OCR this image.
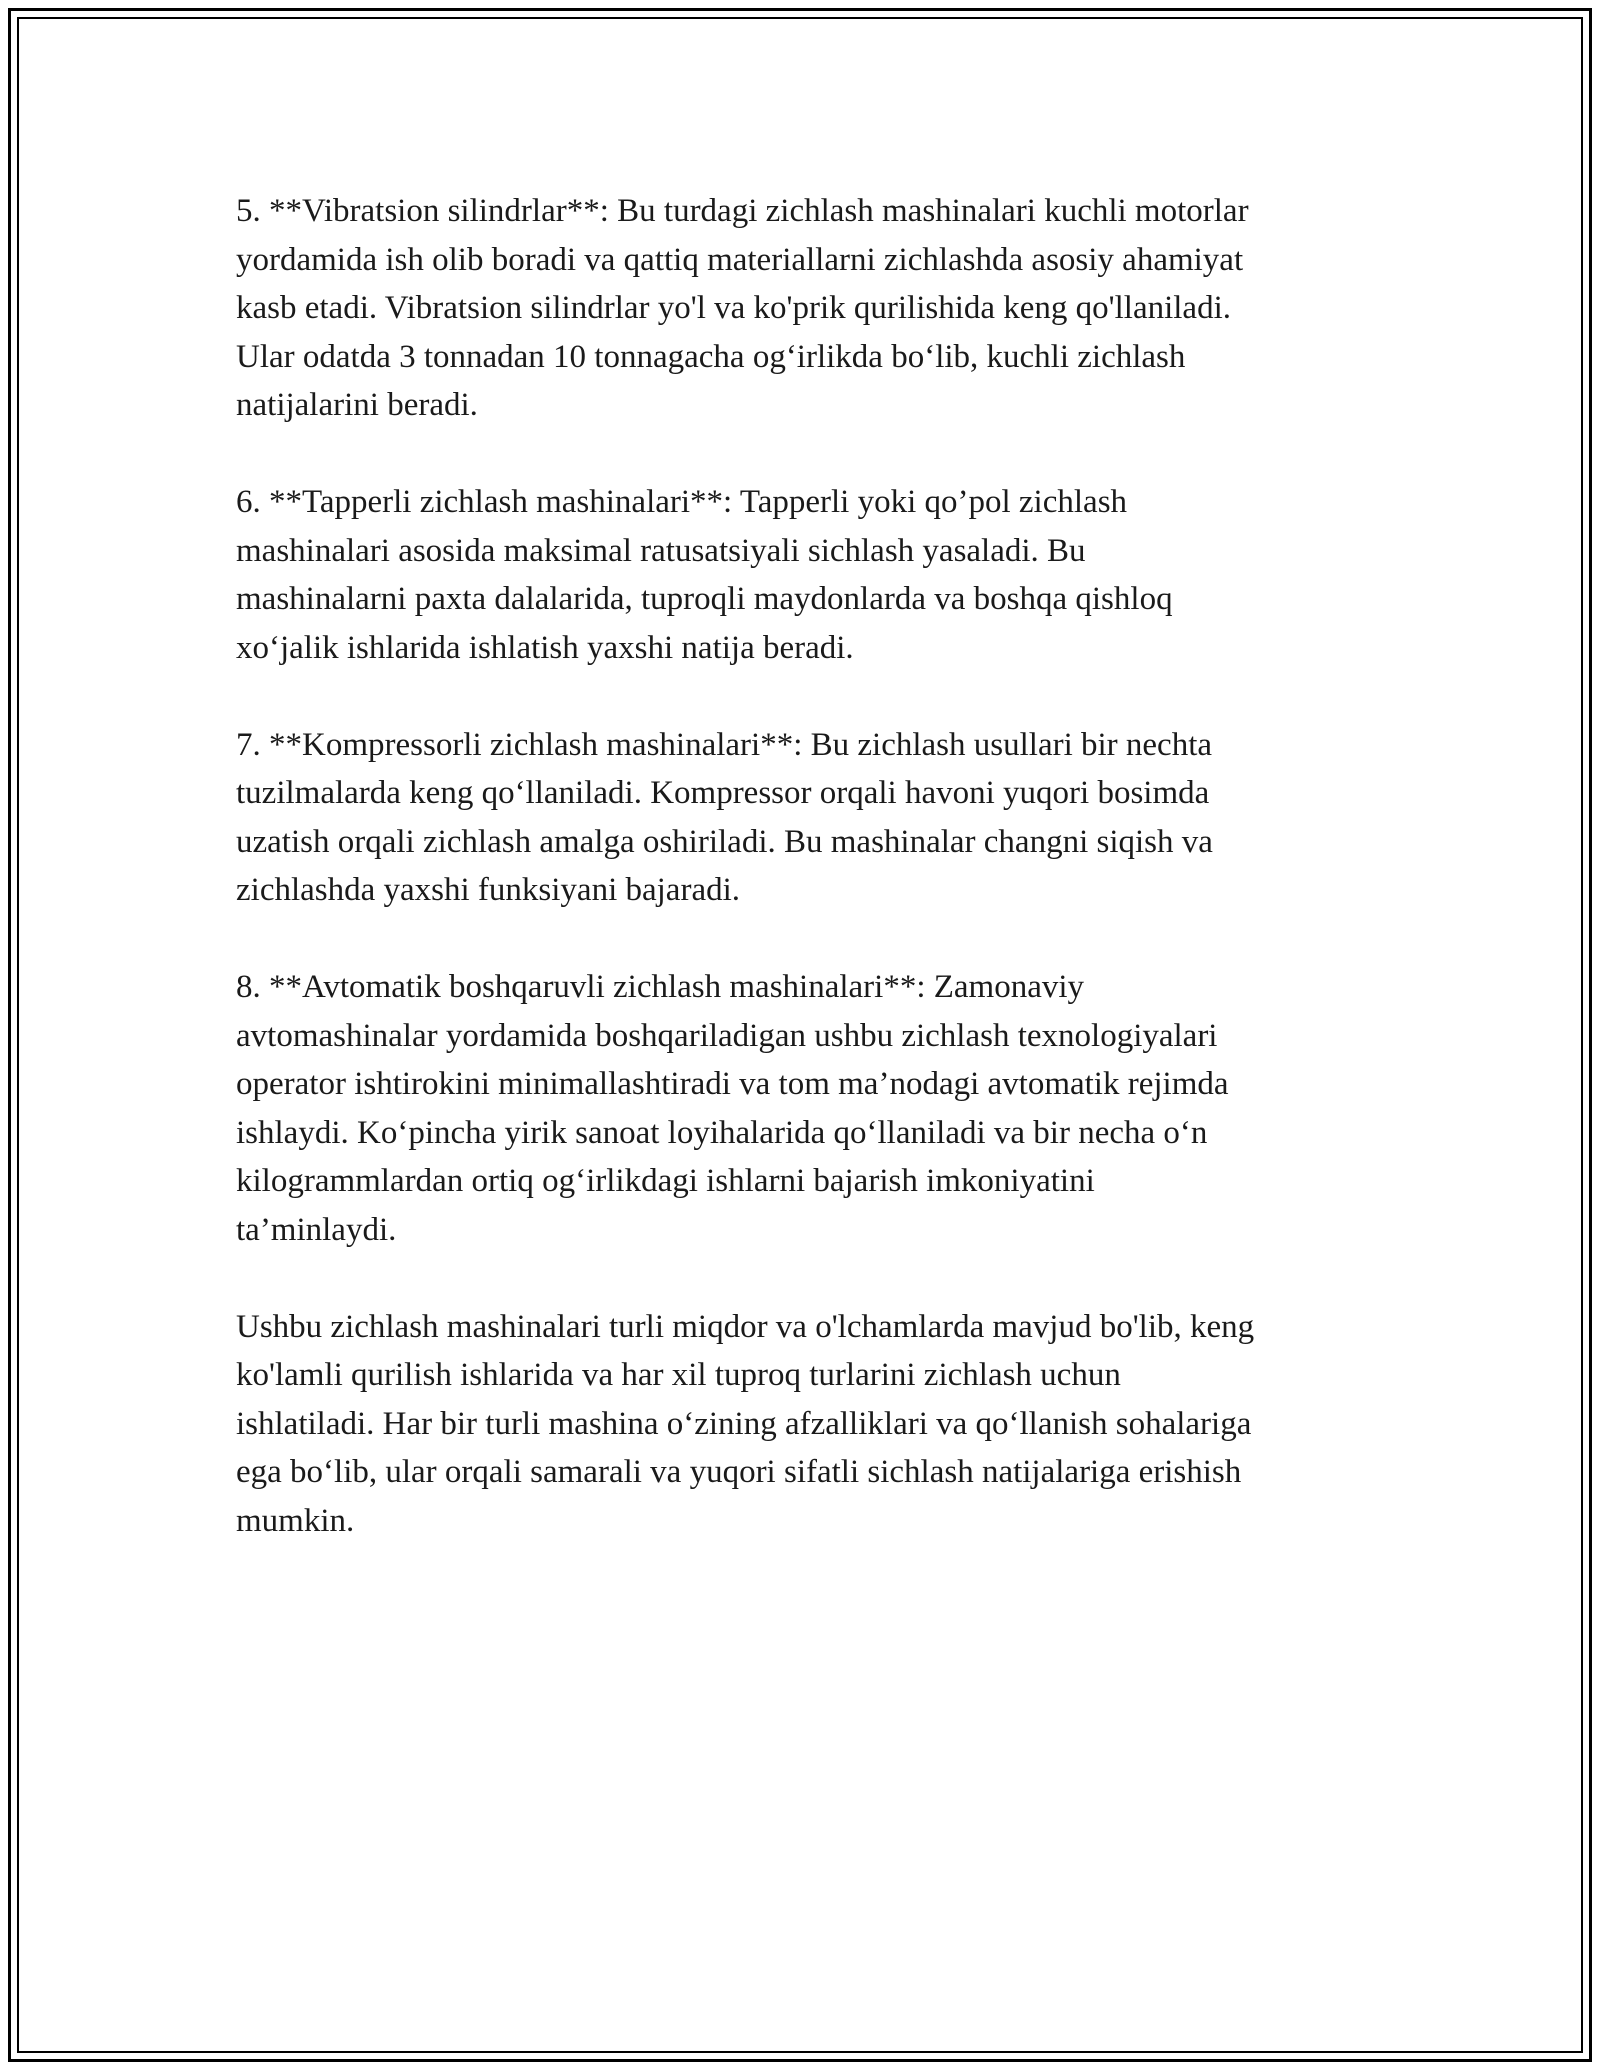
5. **Vibratsion silindrlar**: Bu turdagi zichlash mashinalari kuchli motorlar
yordamida ish olib boradi va qattiq materiallarni zichlashda asosiy ahamiyat
kasb etadi. Vibratsion silindrlar yo'l va ko'prik qurilishida keng qo'llaniladi.
Ular odatda 3 tonnadan 10 tonnagacha og‘irlikda bo‘lib, kuchli zichlash
natijalarini beradi.

6. **Tapperli zichlash mashinalari**: Tapperli yoki qo’pol zichlash
mashinalari asosida maksimal ratusatsiyali sichlash yasaladi. Bu
mashinalarni paxta dalalarida, tuproqli maydonlarda va boshqa qishloq
xo‘jalik ishlarida ishlatish yaxshi natija beradi.

7. **Kompressorli zichlash mashinalari**: Bu zichlash usullari bir nechta
tuzilmalarda keng qo‘llaniladi. Kompressor orqali havoni yuqori bosimda
uzatish orqali zichlash amalga oshiriladi. Bu mashinalar changni siqish va
zichlashda yaxshi funksiyani bajaradi.

8. **Avtomatik boshqaruvli zichlash mashinalari**: Zamonaviy
avtomashinalar yordamida boshqariladigan ushbu zichlash texnologiyalari
operator ishtirokini minimallashtiradi va tom ma’nodagi avtomatik rejimda
ishlaydi. Ko‘pincha yirik sanoat loyihalarida qo‘llaniladi va bir necha o‘n
kilogrammlardan ortiq og‘irlikdagi ishlarni bajarish imkoniyatini
ta’minlaydi.

Ushbu zichlash mashinalari turli miqdor va o'lchamlarda mavjud bo'lib, keng
ko'lamli qurilish ishlarida va har xil tuproq turlarini zichlash uchun
ishlatiladi. Har bir turli mashina o‘zining afzalliklari va qo‘llanish sohalariga
ega bo‘lib, ular orqali samarali va yuqori sifatli sichlash natijalariga erishish
mumkin.
